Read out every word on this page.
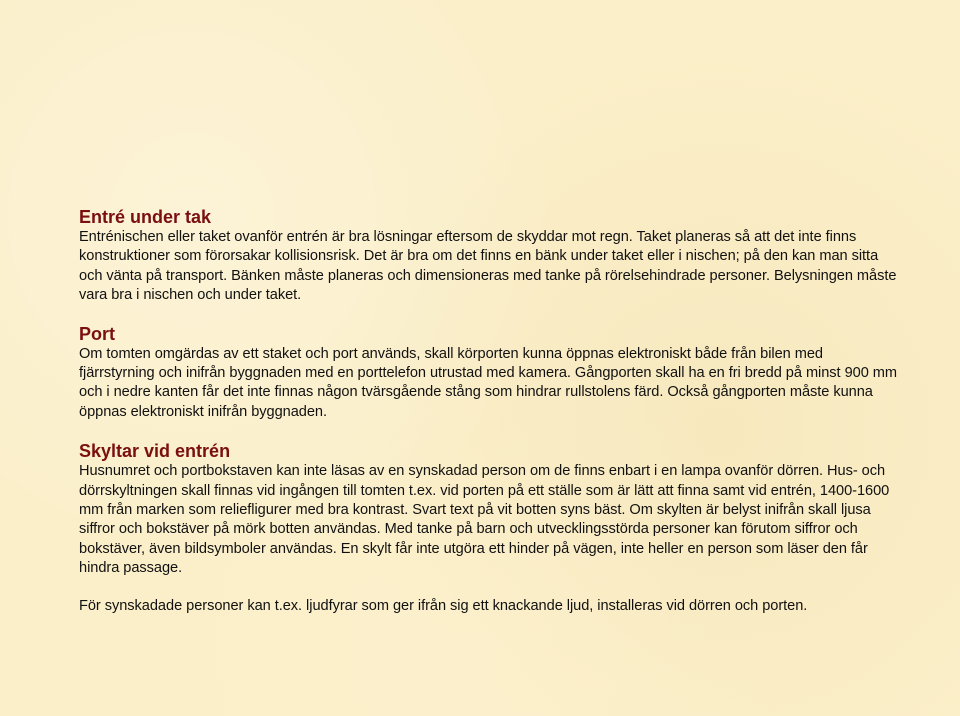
Entré under tak

Entrénischen eller taket ovanför entrén är bra lösningar eftersom de skyddar mot regn. Taket planeras så att det inte finns konstruktioner som förorsakar kollisionsrisk. Det är bra om det finns en bänk under taket eller i nischen; på den kan man sitta och vänta på transport. Bänken måste planeras och dimensioneras med tanke på rörelsehindrade personer. Belysningen måste vara bra i nischen och under taket.

Port

Om tomten omgärdas av ett staket och port används, skall körporten kunna öppnas elektroniskt både från bilen med fjärrstyrning och inifrån byggnaden med en porttelefon utrustad med kamera. Gångporten skall ha en fri bredd på minst 900 mm och i nedre kanten får det inte finnas någon tvärsgående stång som hindrar rullstolens färd. Också gångporten måste kunna öppnas elektroniskt inifrån byggnaden.

Skyltar vid entrén

Husnumret och portbokstaven kan inte läsas av en synskadad person om de finns enbart i en lampa ovanför dörren. Hus- och dörrskyltningen skall finnas vid ingången till tomten t.ex. vid porten på ett ställe som är lätt att finna samt vid entrén, 1400-1600 mm från marken som reliefligurer med bra kontrast. Svart text på vit botten syns bäst. Om skylten är belyst inifrån skall ljusa siffror och bokstäver på mörk botten användas. Med tanke på barn och utvecklingsstörda personer kan förutom siffror och bokstäver, även bildsymboler användas. En skylt får inte utgöra ett hinder på vägen, inte heller en person som läser den får hindra passage.

För synskadade personer kan t.ex. ljudfyrar som ger ifrån sig ett knackande ljud, installeras vid dörren och porten.
